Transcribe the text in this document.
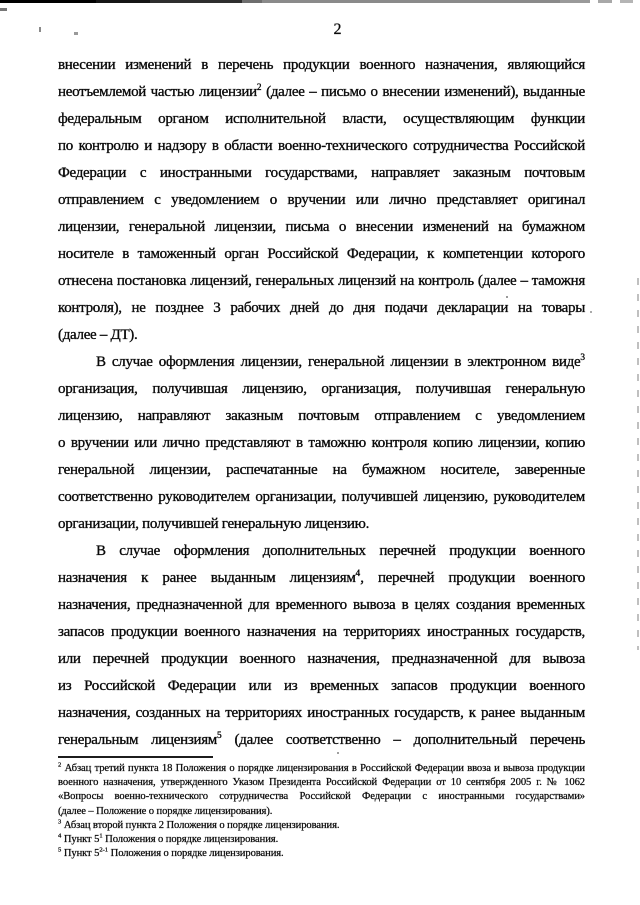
2
внесении изменений в перечень продукции военного назначения, являющийся
неотъемлемой частью лицензии$^2$ (далее – письмо о внесении изменений), выданные
федеральным органом исполнительной власти, осуществляющим функции
по контролю и надзору в области военно-технического сотрудничества Российской
Федерации с иностранными государствами, направляет заказным почтовым
отправлением с уведомлением о вручении или лично представляет оригинал
лицензии, генеральной лицензии, письма о внесении изменений на бумажном
носителе в таможенный орган Российской Федерации, к компетенции которого
отнесена постановка лицензий, генеральных лицензий на контроль (далее – таможня
контроля), не позднее 3 рабочих дней до дня подачи декларации на товары
(далее – ДТ).
В случае оформления лицензии, генеральной лицензии в электронном виде$^3$
организация, получившая лицензию, организация, получившая генеральную
лицензию, направляют заказным почтовым отправлением с уведомлением
о вручении или лично представляют в таможню контроля копию лицензии, копию
генеральной лицензии, распечатанные на бумажном носителе, заверенные
соответственно руководителем организации, получившей лицензию, руководителем
организации, получившей генеральную лицензию.
В случае оформления дополнительных перечней продукции военного
назначения к ранее выданным лицензиям$^4$, перечней продукции военного
назначения, предназначенной для временного вывоза в целях создания временных
запасов продукции военного назначения на территориях иностранных государств,
или перечней продукции военного назначения, предназначенной для вывоза
из Российской Федерации или из временных запасов продукции военного
назначения, созданных на территориях иностранных государств, к ранее выданным
генеральным лицензиям$^5$ (далее соответственно – дополнительный перечень
$^2$ Абзац третий пункта 18 Положения о порядке лицензирования в Российской Федерации ввоза и вывоза продукции
военного назначения, утвержденного Указом Президента Российской Федерации от 10 сентября 2005 г. № 1062
«Вопросы военно-технического сотрудничества Российской Федерации с иностранными государствами»
(далее – Положение о порядке лицензирования).
$^3$ Абзац второй пункта 2 Положения о порядке лицензирования.
$^4$ Пункт $5^1$ Положения о порядке лицензирования.
$^5$ Пункт 5$^{2-1}$ Положения о порядке лицензирования.
